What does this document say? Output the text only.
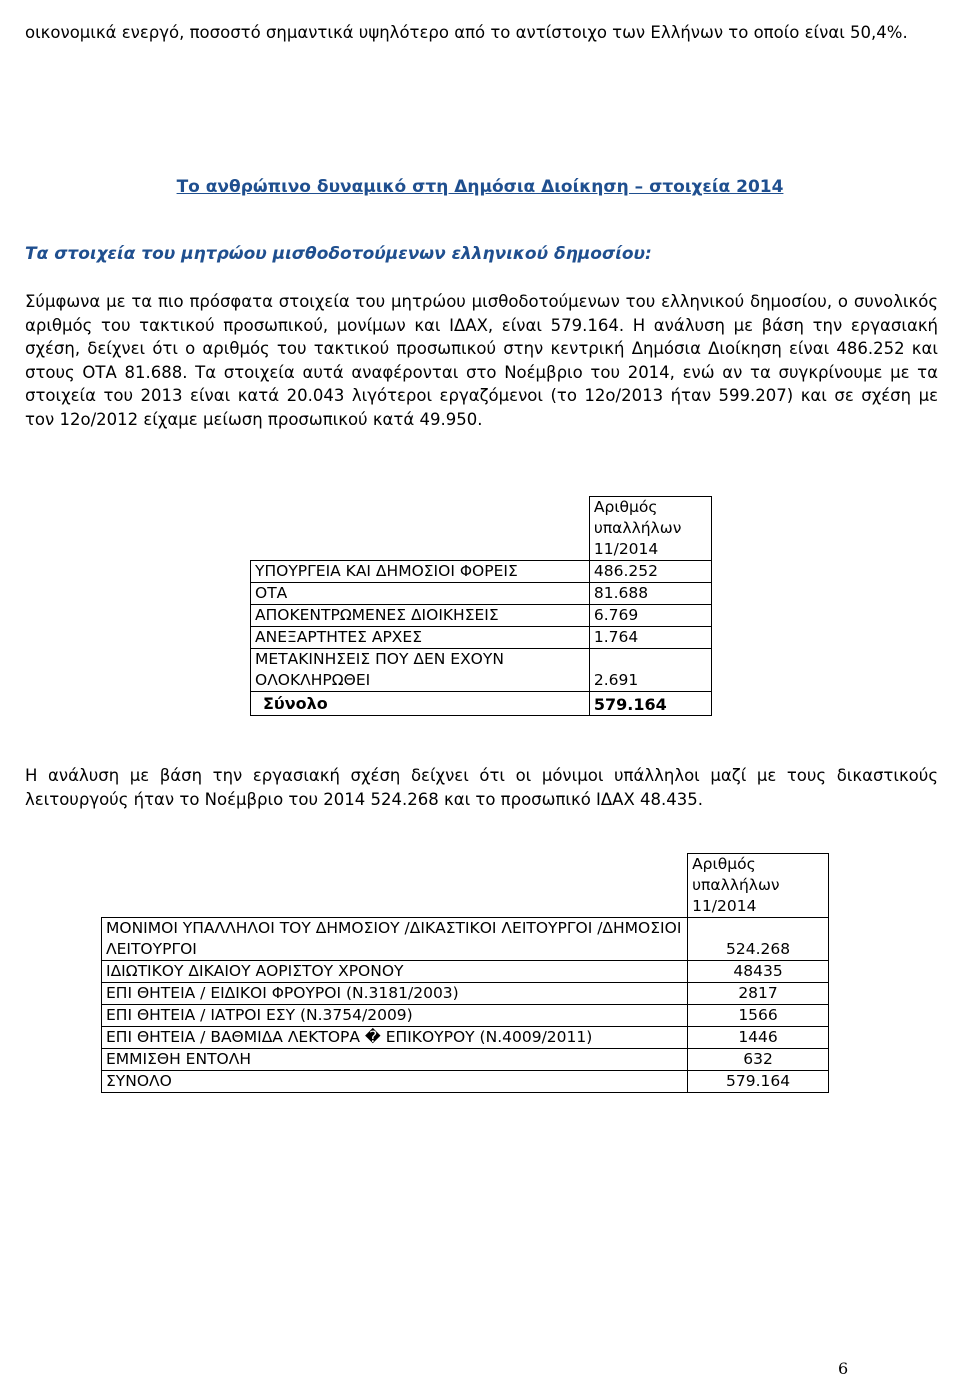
οικονομικά ενεργό, ποσοστό σημαντικά υψηλότερο από το αντίστοιχο των Ελλήνων το οποίο είναι 50,4%.

Το ανθρώπινο δυναμικό στη Δημόσια Διοίκηση – στοιχεία 2014

Τα στοιχεία του μητρώου μισθοδοτούμενων ελληνικού δημοσίου:

Σύμφωνα με τα πιο πρόσφατα στοιχεία του μητρώου μισθοδοτούμενων του ελληνικού δημοσίου, ο συνολικός αριθμός του τακτικού προσωπικού, μονίμων και ΙΔΑΧ, είναι 579.164. Η ανάλυση με βάση την εργασιακή σχέση, δείχνει ότι ο αριθμός του τακτικού προσωπικού στην κεντρική Δημόσια Διοίκηση είναι 486.252 και στους ΟΤΑ 81.688. Τα στοιχεία αυτά αναφέρονται στο Νοέμβριο του 2014, ενώ αν τα συγκρίνουμε με τα στοιχεία του 2013 είναι κατά 20.043 λιγότεροι εργαζόμενοι (το 12ο/2013 ήταν 599.207) και σε σχέση με τον 12ο/2012 είχαμε μείωση προσωπικού κατά 49.950.

	Αριθμός υπαλλήλων 11/2014
ΥΠΟΥΡΓΕΙΑ ΚΑΙ ΔΗΜΟΣΙΟΙ ΦΟΡΕΙΣ	486.252
ΟΤΑ	81.688
ΑΠΟΚΕΝΤΡΩΜΕΝΕΣ ΔΙΟΙΚΗΣΕΙΣ	6.769
ΑΝΕΞΑΡΤΗΤΕΣ ΑΡΧΕΣ	1.764
ΜΕΤΑΚΙΝΗΣΕΙΣ ΠΟΥ ΔΕΝ ΕΧΟΥΝ ΟΛΟΚΛΗΡΩΘΕΙ	2.691
Σύνολο	579.164

Η ανάλυση με βάση την εργασιακή σχέση δείχνει ότι οι μόνιμοι υπάλληλοι μαζί με τους δικαστικούς λειτουργούς ήταν το Νοέμβριο του 2014 524.268 και το προσωπικό ΙΔΑΧ 48.435.

	Αριθμός υπαλλήλων 11/2014
ΜΟΝΙΜΟΙ ΥΠΑΛΛΗΛΟΙ ΤΟΥ ΔΗΜΟΣΙΟΥ /ΔΙΚΑΣΤΙΚΟΙ ΛΕΙΤΟΥΡΓΟΙ /ΔΗΜΟΣΙΟΙ ΛΕΙΤΟΥΡΓΟΙ	524.268
ΙΔΙΩΤΙΚΟΥ ΔΙΚΑΙΟΥ ΑΟΡΙΣΤΟΥ ΧΡΟΝΟΥ	48435
ΕΠΙ ΘΗΤΕΙΑ / ΕΙΔΙΚΟΙ ΦΡΟΥΡΟΙ (Ν.3181/2003)	2817
ΕΠΙ ΘΗΤΕΙΑ / ΙΑΤΡΟΙ ΕΣΥ (Ν.3754/2009)	1566
ΕΠΙ ΘΗΤΕΙΑ / ΒΑΘΜΙΔΑ ΛΕΚΤΟΡΑ � ΕΠΙΚΟΥΡΟΥ (Ν.4009/2011)	1446
ΕΜΜΙΣΘΗ ΕΝΤΟΛΗ	632
ΣΥΝΟΛΟ	579.164
6
